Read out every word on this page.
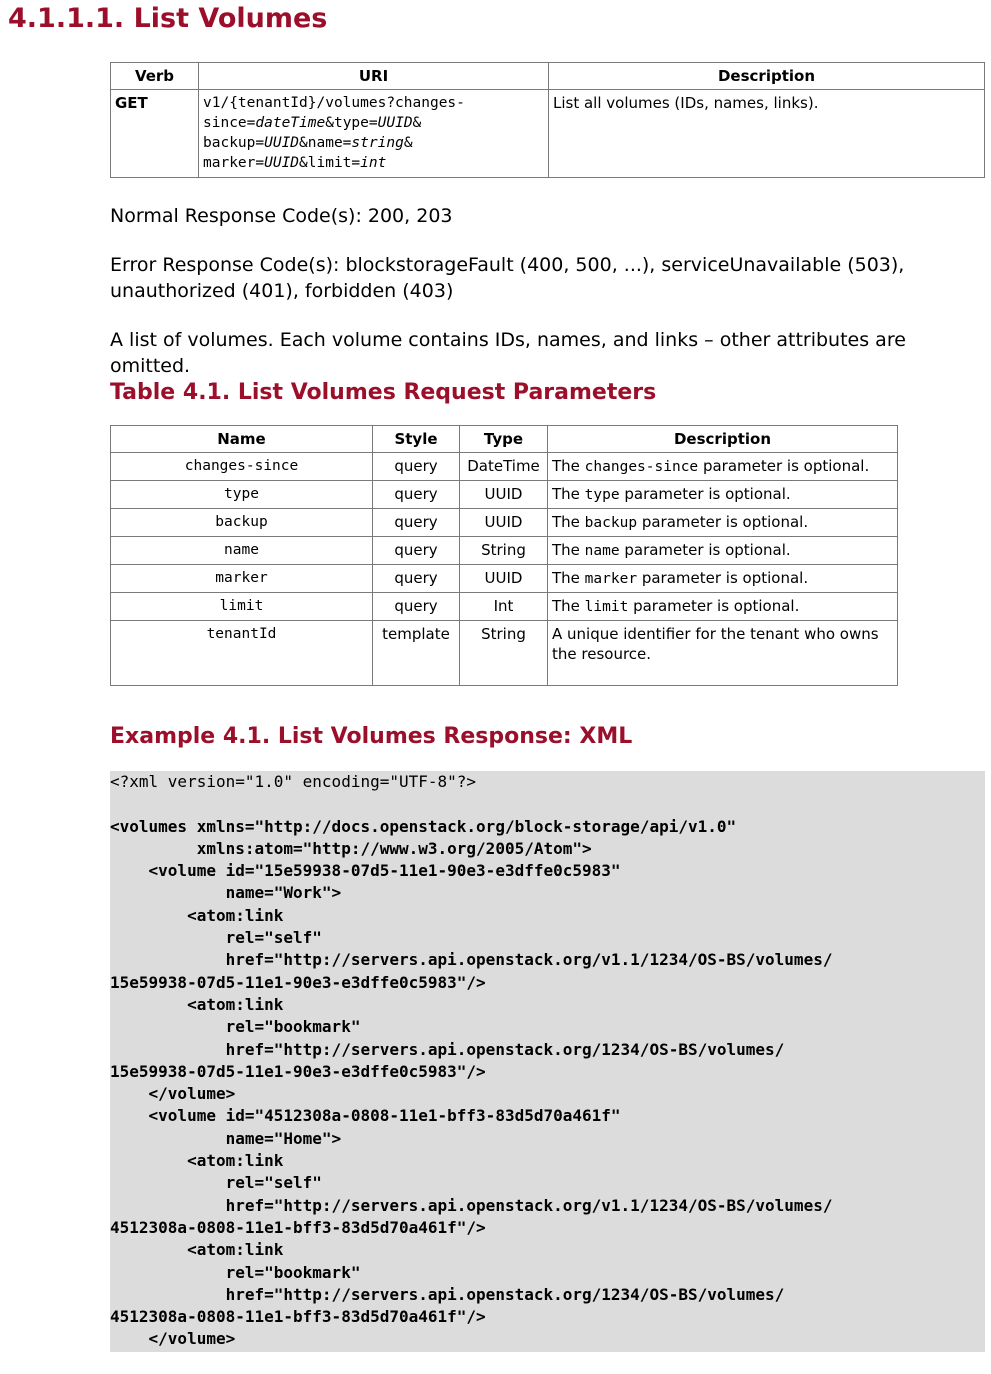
4.1.1.1. List Volumes
Verb	URI	Description
GET	v1/{tenantId}/volumes?changes-
since=dateTime&type=UUID&
backup=UUID&name=string&
marker=UUID&limit=int	List all volumes (IDs, names, links).

Normal Response Code(s): 200, 203

Error Response Code(s): blockstorageFault (400, 500, ...), serviceUnavailable (503),
unauthorized (401), forbidden (403)

A list of volumes. Each volume contains IDs, names, and links – other attributes are omitted.

Table 4.1. List Volumes Request Parameters
Name	Style	Type	Description
changes-since	query	DateTime	The changes-since parameter is optional.
type	query	UUID	The type parameter is optional.
backup	query	UUID	The backup parameter is optional.
name	query	String	The name parameter is optional.
marker	query	UUID	The marker parameter is optional.
limit	query	Int	The limit parameter is optional.
tenantId	template	String	A unique identifier for the tenant who owns the resource.
Example 4.1. List Volumes Response: XML
<?xml version="1.0" encoding="UTF-8"?>
<volumes xmlns="http://docs.openstack.org/block-storage/api/v1.0"
xmlns:atom="http://www.w3.org/2005/Atom">
<volume id="15e59938-07d5-11e1-90e3-e3dffe0c5983"
name="Work">
<atom:link
rel="self"
href="http://servers.api.openstack.org/v1.1/1234/OS-BS/volumes/
15e59938-07d5-11e1-90e3-e3dffe0c5983"/>
<atom:link
rel="bookmark"
href="http://servers.api.openstack.org/1234/OS-BS/volumes/
15e59938-07d5-11e1-90e3-e3dffe0c5983"/>
</volume>
<volume id="4512308a-0808-11e1-bff3-83d5d70a461f"
name="Home">
<atom:link
rel="self"
href="http://servers.api.openstack.org/v1.1/1234/OS-BS/volumes/
4512308a-0808-11e1-bff3-83d5d70a461f"/>
<atom:link
rel="bookmark"
href="http://servers.api.openstack.org/1234/OS-BS/volumes/
4512308a-0808-11e1-bff3-83d5d70a461f"/>
</volume>
